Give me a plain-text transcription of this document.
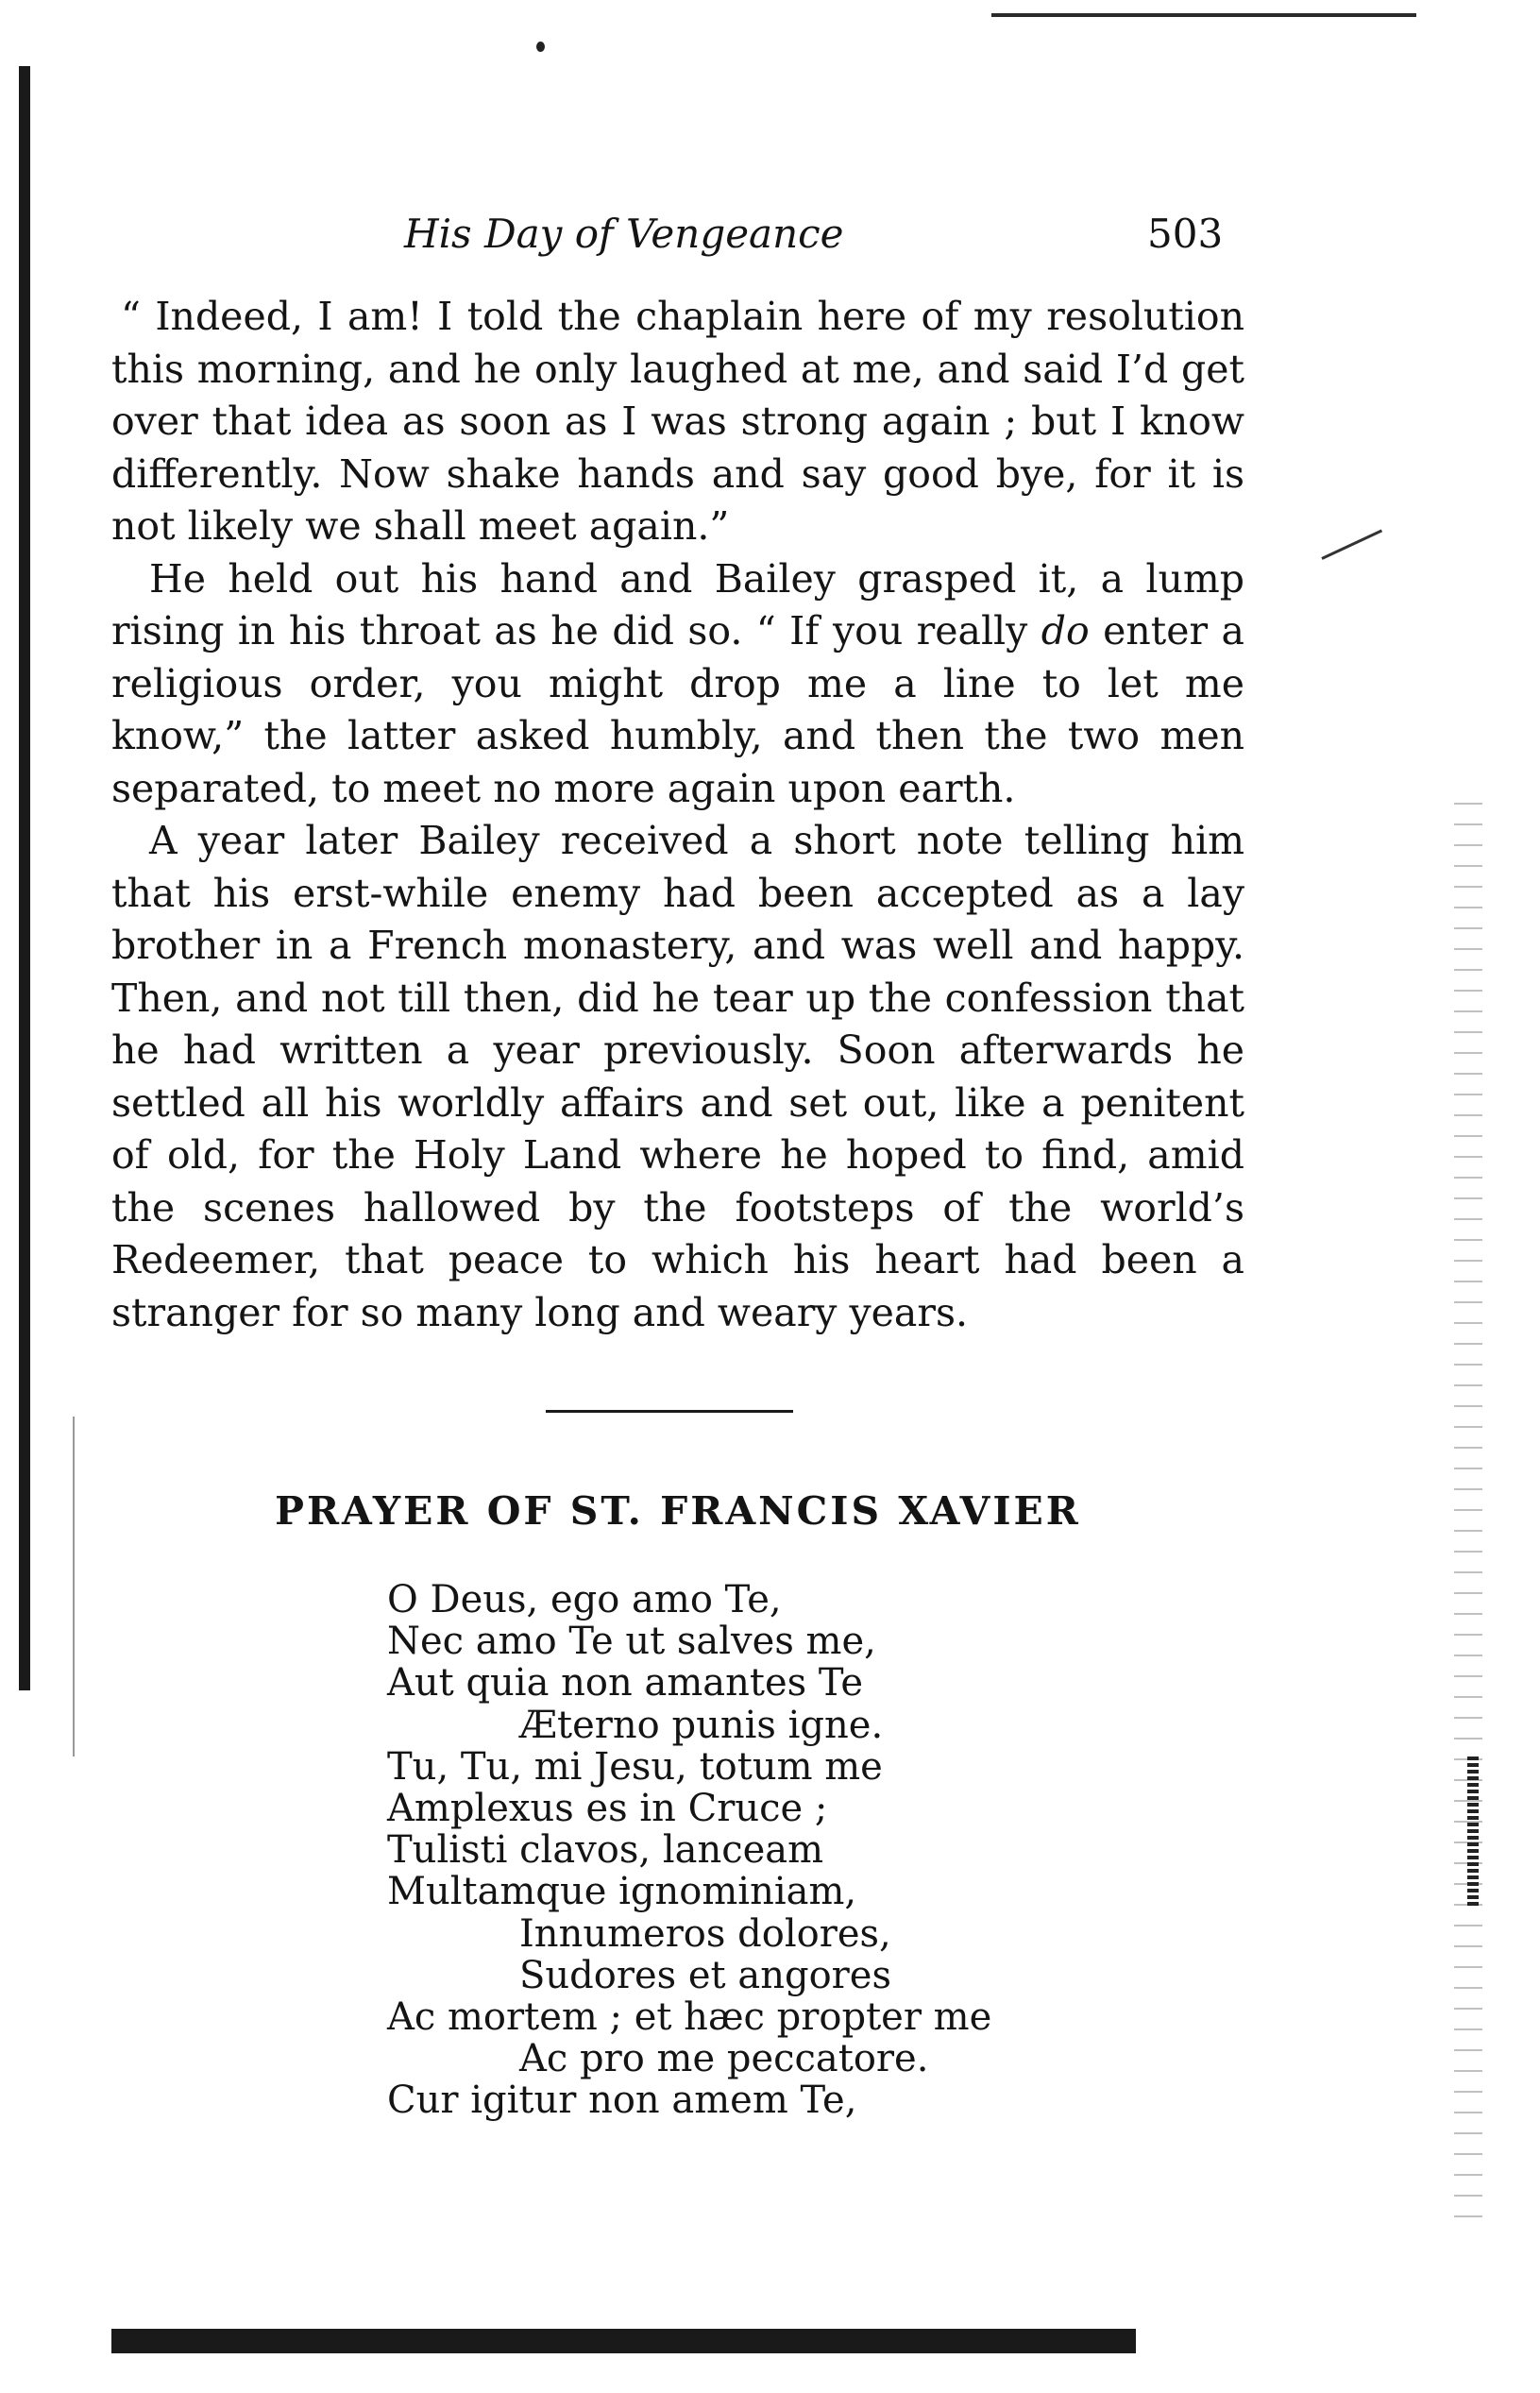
His Day of Vengeance	503

“ Indeed, I am! I told the chaplain here of my resolution this morning, and he only laughed at me, and said I’d get over that idea as soon as I was strong again ; but I know differently. Now shake hands and say good bye, for it is not likely we shall meet again.”

He held out his hand and Bailey grasped it, a lump rising in his throat as he did so. “ If you really do enter a religious order, you might drop me a line to let me know,” the latter asked humbly, and then the two men separated, to meet no more again upon earth.

A year later Bailey received a short note telling him that his erst-while enemy had been accepted as a lay brother in a French monastery, and was well and happy. Then, and not till then, did he tear up the confession that he had written a year previously. Soon afterwards he settled all his worldly affairs and set out, like a penitent of old, for the Holy Land where he hoped to find, amid the scenes hallowed by the footsteps of the world’s Redeemer, that peace to which his heart had been a stranger for so many long and weary years.

PRAYER OF ST. FRANCIS XAVIER
O Deus, ego amo Te,
Nec amo Te ut salves me,
Aut quia non amantes Te
Æterno punis igne.
Tu, Tu, mi Jesu, totum me
Amplexus es in Cruce ;
Tulisti clavos, lanceam
Multamque ignominiam,
Innumeros dolores,
Sudores et angores
Ac mortem ; et hæc propter me
Ac pro me peccatore.
Cur igitur non amem Te,
